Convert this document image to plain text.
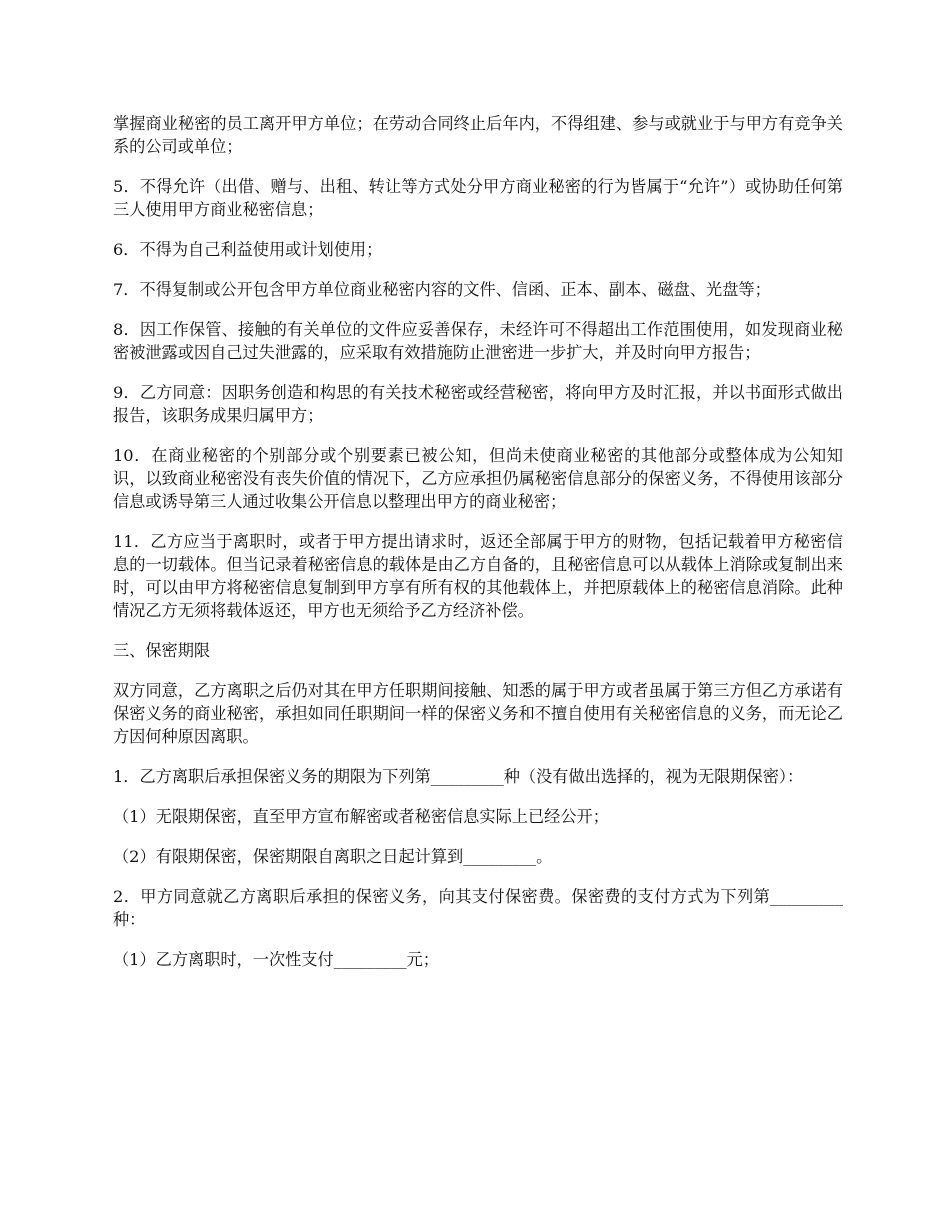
掌握商业秘密的员工离开甲方单位；在劳动合同终止后年内，不得组建、参与或就业于与甲方有竞争关系的公司或单位；

5．不得允许（出借、赠与、出租、转让等方式处分甲方商业秘密的行为皆属于“允许”）或协助任何第三人使用甲方商业秘密信息；

6．不得为自己利益使用或计划使用；

7．不得复制或公开包含甲方单位商业秘密内容的文件、信函、正本、副本、磁盘、光盘等；

8．因工作保管、接触的有关单位的文件应妥善保存，未经许可不得超出工作范围使用，如发现商业秘密被泄露或因自己过失泄露的，应采取有效措施防止泄密进一步扩大，并及时向甲方报告；

9．乙方同意：因职务创造和构思的有关技术秘密或经营秘密，将向甲方及时汇报，并以书面形式做出报告，该职务成果归属甲方；

10．在商业秘密的个别部分或个别要素已被公知，但尚未使商业秘密的其他部分或整体成为公知知识，以致商业秘密没有丧失价值的情况下，乙方应承担仍属秘密信息部分的保密义务，不得使用该部分信息或诱导第三人通过收集公开信息以整理出甲方的商业秘密；

11．乙方应当于离职时，或者于甲方提出请求时，返还全部属于甲方的财物，包括记载着甲方秘密信息的一切载体。但当记录着秘密信息的载体是由乙方自备的，且秘密信息可以从载体上消除或复制出来时，可以由甲方将秘密信息复制到甲方享有所有权的其他载体上，并把原载体上的秘密信息消除。此种情况乙方无须将载体返还，甲方也无须给予乙方经济补偿。

三、保密期限

双方同意，乙方离职之后仍对其在甲方任职期间接触、知悉的属于甲方或者虽属于第三方但乙方承诺有保密义务的商业秘密，承担如同任职期间一样的保密义务和不擅自使用有关秘密信息的义务，而无论乙方因何种原因离职。

1．乙方离职后承担保密义务的期限为下列第_________种（没有做出选择的，视为无限期保密）：

（1）无限期保密，直至甲方宣布解密或者秘密信息实际上已经公开；

（2）有限期保密，保密期限自离职之日起计算到_________。

2．甲方同意就乙方离职后承担的保密义务，向其支付保密费。保密费的支付方式为下列第_________种：

（1）乙方离职时，一次性支付_________元；
